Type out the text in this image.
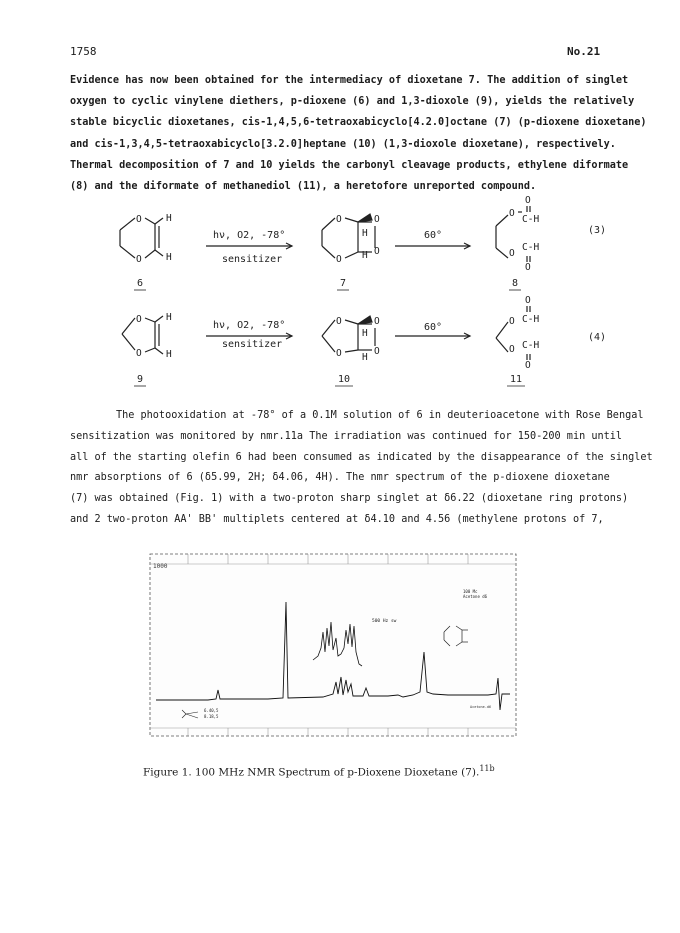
1758	No.21
Evidence has now been obtained for the intermediacy of dioxetane 7. The addition of singlet
oxygen to cyclic vinylene diethers, p-dioxene (6) and 1,3-dioxole (9), yields the relatively
stable bicyclic dioxetanes, cis-1,4,5,6-tetraoxabicyclo[4.2.0]octane (7) (p-dioxene dioxetane)
and cis-1,3,4,5-tetraoxabicyclo[3.2.0]heptane (10) (1,3-dioxole dioxetane), respectively.
Thermal decomposition of 7 and 10 yields the carbonyl cleavage products, ethylene diformate
(8) and the diformate of methanediol (11), a heretofore unreported compound.
O	H
O	H
O
O
H
H
O
O
O
O
C-H
O
C-H
O
O	H
O	H
O
O
H
H
O
O
O
O C-H
O C-H
O
hν, O2, -78°
sensitizer
60°	(3)
hν, O2, -78°
sensitizer
60°
(4)
6	7	8
9	10	11
The photooxidation at -78° of a 0.1M solution of 6 in deuterioacetone with Rose Bengal
sensitization was monitored by nmr.11a The irradiation was continued for 150-200 min until
all of the starting olefin 6 had been consumed as indicated by the disappearance of the singlet
nmr absorptions of 6 (δ5.99, 2H; δ4.06, 4H). The nmr spectrum of the p-dioxene dioxetane
(7) was obtained (Fig. 1) with a two-proton sharp singlet at δ6.22 (dioxetane ring protons)
and 2 two-proton AA' BB' multiplets centered at δ4.10 and 4.56 (methylene protons of 7,
1000
500 Hz sw
100 Mc
Acetone d6
Acetone-d6
6.40,5
8.18,5
Figure 1. 100 MHz NMR Spectrum of p-Dioxene Dioxetane (7).$^{11b}$
